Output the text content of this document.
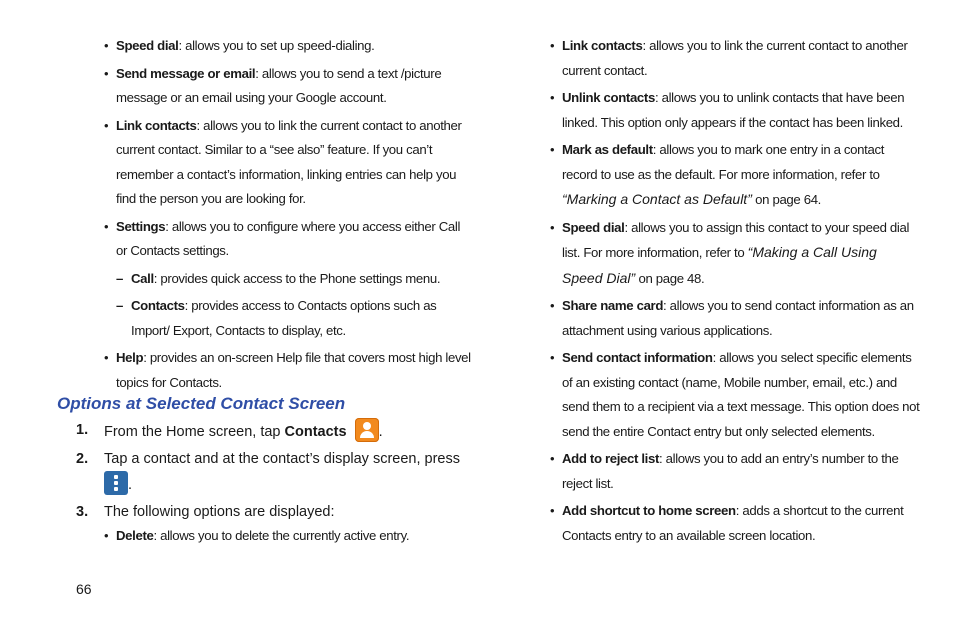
• Speed dial: allows you to set up speed-dialing.
• Send message or email: allows you to send a text /picture message or an email using your Google account.
• Link contacts: allows you to link the current contact to another current contact. Similar to a “see also” feature. If you can’t remember a contact’s information, linking entries can help you find the person you are looking for.
• Settings: allows you to configure where you access either Call or Contacts settings.
– Call: provides quick access to the Phone settings menu.
– Contacts: provides access to Contacts options such as Import/ Export, Contacts to display, etc.
• Help: provides an on-screen Help file that covers most high level topics for Contacts.
Options at Selected Contact Screen
1. From the Home screen, tap Contacts .
2. Tap a contact and at the contact’s display screen, press

.
3. The following options are displayed:
• Delete: allows you to delete the currently active entry.
• Link contacts: allows you to link the current contact to another current contact.
• Unlink contacts: allows you to unlink contacts that have been linked. This option only appears if the contact has been linked.
• Mark as default: allows you to mark one entry in a contact record to use as the default. For more information, refer to “Marking a Contact as Default” on page 64.
• Speed dial: allows you to assign this contact to your speed dial list. For more information, refer to “Making a Call Using Speed Dial” on page 48.
• Share name card: allows you to send contact information as an attachment using various applications.
• Send contact information: allows you select specific elements of an existing contact (name, Mobile number, email, etc.) and send them to a recipient via a text message. This option does not send the entire Contact entry but only selected elements.
• Add to reject list: allows you to add an entry’s number to the reject list.
• Add shortcut to home screen: adds a shortcut to the current Contacts entry to an available screen location.
66
